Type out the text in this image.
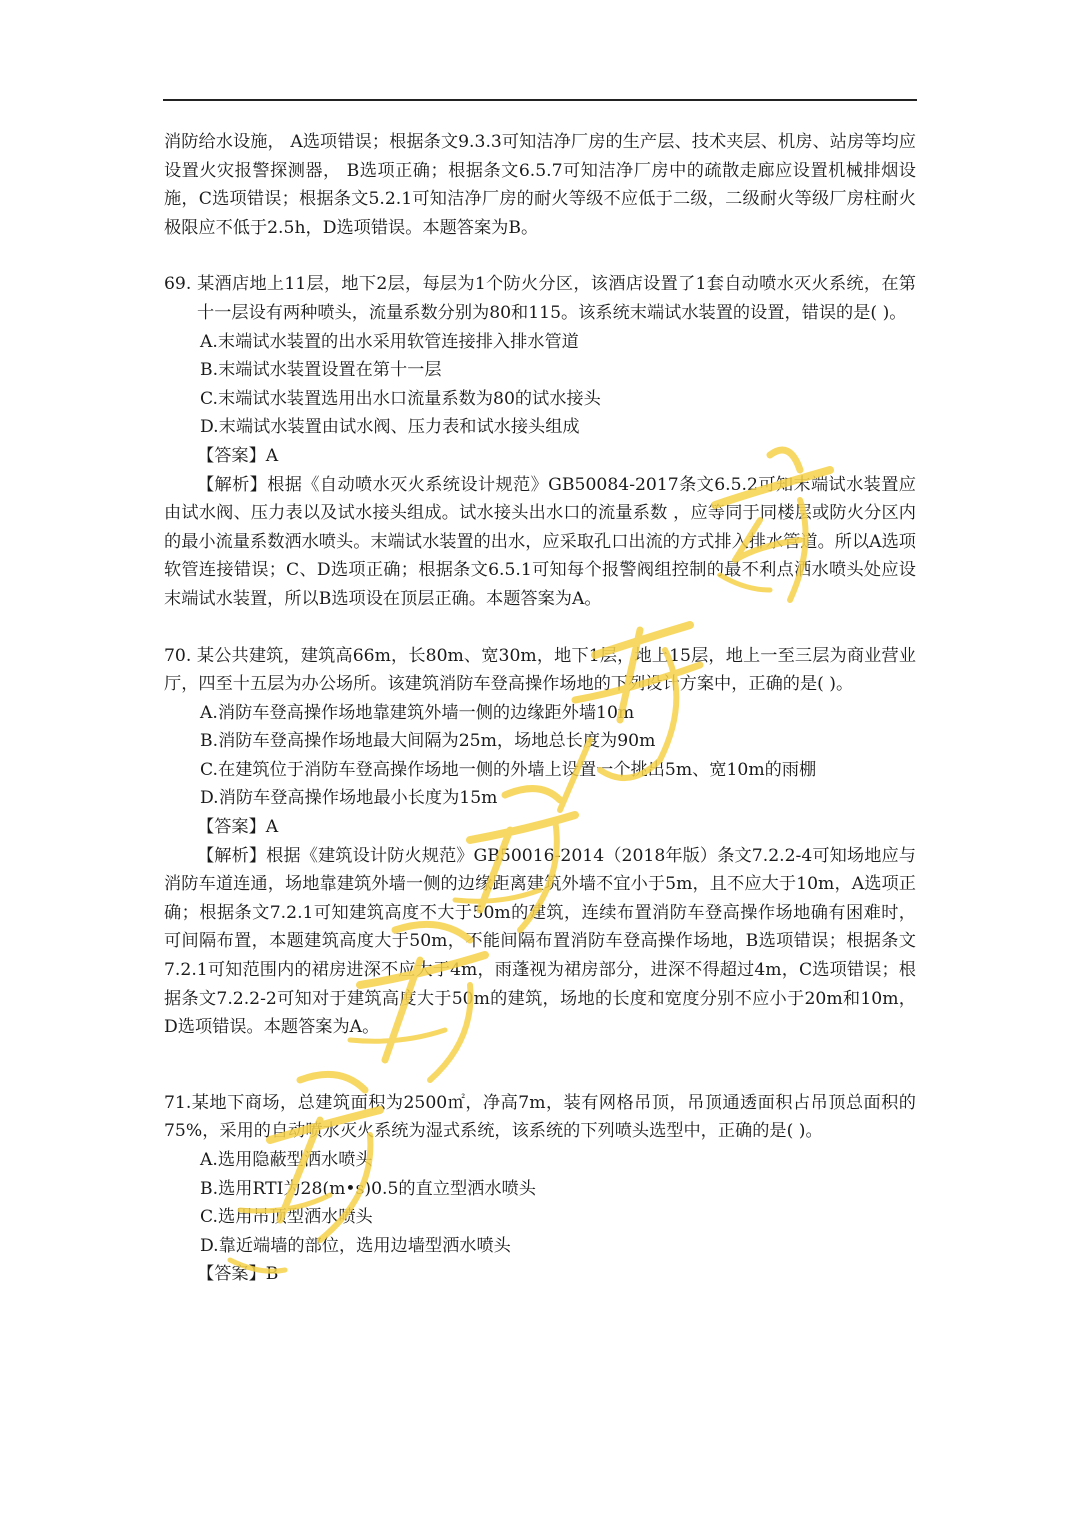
消防给水设施， A选项错误；根据条文9.3.3可知洁净厂房的生产层、技术夹层、机房、站房等均应设置火灾报警探测器， B选项正确；根据条文6.5.7可知洁净厂房中的疏散走廊应设置机械排烟设施，C选项错误；根据条文5.2.1可知洁净厂房的耐火等级不应低于二级，二级耐火等级厂房柱耐火极限应不低于2.5h，D选项错误。本题答案为B。

69. 某酒店地上11层，地下2层，每层为1个防火分区，该酒店设置了1套自动喷水灭火系统，在第十一层设有两种喷头，流量系数分别为80和115。该系统末端试水装置的设置，错误的是( )。

A.末端试水装置的出水采用软管连接排入排水管道

B.末端试水装置设置在第十一层

C.末端试水装置选用出水口流量系数为80的试水接头

D.末端试水装置由试水阀、压力表和试水接头组成

【答案】A

【解析】根据《自动喷水灭火系统设计规范》GB50084-2017条文6.5.2可知末端试水装置应由试水阀、压力表以及试水接头组成。试水接头出水口的流量系数 ，应等同于同楼层或防火分区内的最小流量系数洒水喷头。末端试水装置的出水，应采取孔口出流的方式排入排水管道。所以A选项软管连接错误；C、D选项正确；根据条文6.5.1可知每个报警阀组控制的最不利点洒水喷头处应设末端试水装置，所以B选项设在顶层正确。本题答案为A。

70. 某公共建筑，建筑高66m，长80m、宽30m，地下1层，地上15层，地上一至三层为商业营业厅，四至十五层为办公场所。该建筑消防车登高操作场地的下列设计方案中，正确的是( )。

A.消防车登高操作场地靠建筑外墙一侧的边缘距外墙10m

B.消防车登高操作场地最大间隔为25m，场地总长度为90m

C.在建筑位于消防车登高操作场地一侧的外墙上设置一个挑出5m、宽10m的雨棚

D.消防车登高操作场地最小长度为15m

【答案】A

【解析】根据《建筑设计防火规范》GB50016-2014（2018年版）条文7.2.2-4可知场地应与消防车道连通，场地靠建筑外墙一侧的边缘距离建筑外墙不宜小于5m，且不应大于10m，A选项正确；根据条文7.2.1可知建筑高度不大于50m的建筑，连续布置消防车登高操作场地确有困难时，可间隔布置，本题建筑高度大于50m，不能间隔布置消防车登高操作场地，B选项错误；根据条文7.2.1可知范围内的裙房进深不应大于4m，雨蓬视为裙房部分，进深不得超过4m，C选项错误；根据条文7.2.2-2可知对于建筑高度大于50m的建筑，场地的长度和宽度分别不应小于20m和10m，D选项错误。本题答案为A。

71.某地下商场，总建筑面积为2500㎡，净高7m，装有网格吊顶，吊顶通透面积占吊顶总面积的75%，采用的自动喷水灭火系统为湿式系统，该系统的下列喷头选型中，正确的是( )。

A.选用隐蔽型洒水喷头

B.选用RTI为28(m•s)0.5的直立型洒水喷头

C.选用吊顶型洒水喷头

D.靠近端墙的部位，选用边墙型洒水喷头

【答案】B
